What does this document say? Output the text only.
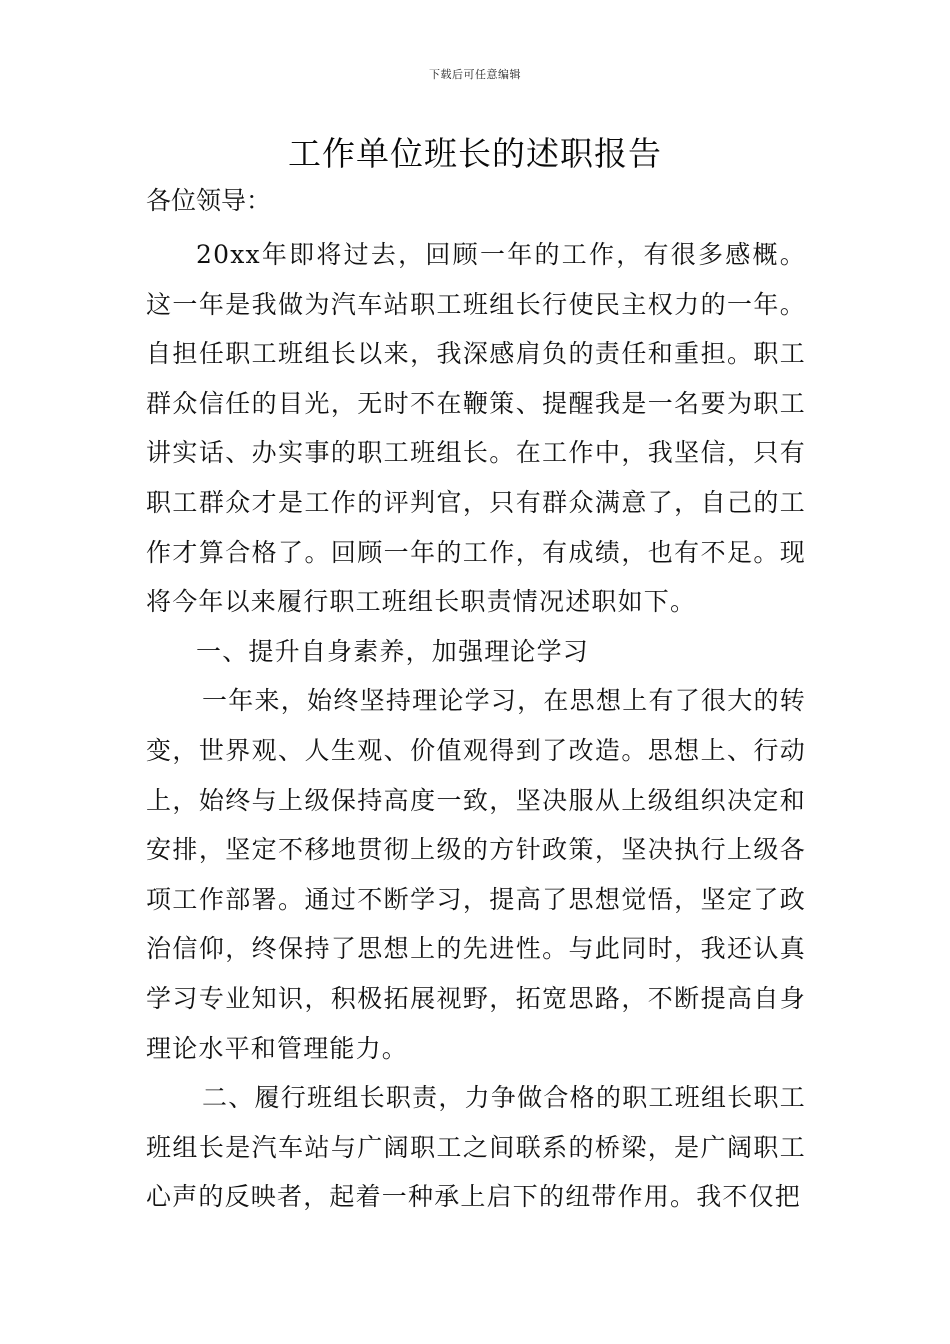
下载后可任意编辑
工作单位班长的述职报告
各位领导：

20xx年即将过去，回顾一年的工作，有很多感概。这一年是我做为汽车站职工班组长行使民主权力的一年。自担任职工班组长以来，我深感肩负的责任和重担。职工群众信任的目光，无时不在鞭策、提醒我是一名要为职工讲实话、办实事的职工班组长。在工作中，我坚信，只有职工群众才是工作的评判官，只有群众满意了，自己的工作才算合格了。回顾一年的工作，有成绩，也有不足。现将今年以来履行职工班组长职责情况述职如下。

一、提升自身素养，加强理论学习

一年来，始终坚持理论学习，在思想上有了很大的转变，世界观、人生观、价值观得到了改造。思想上、行动上，始终与上级保持高度一致，坚决服从上级组织决定和安排，坚定不移地贯彻上级的方针政策，坚决执行上级各项工作部署。通过不断学习，提高了思想觉悟，坚定了政治信仰，终保持了思想上的先进性。与此同时，我还认真学习专业知识，积极拓展视野，拓宽思路，不断提高自身理论水平和管理能力。

二、履行班组长职责，力争做合格的职工班组长职工班组长是汽车站与广阔职工之间联系的桥梁，是广阔职工心声的反映者，起着一种承上启下的纽带作用。我不仅把
